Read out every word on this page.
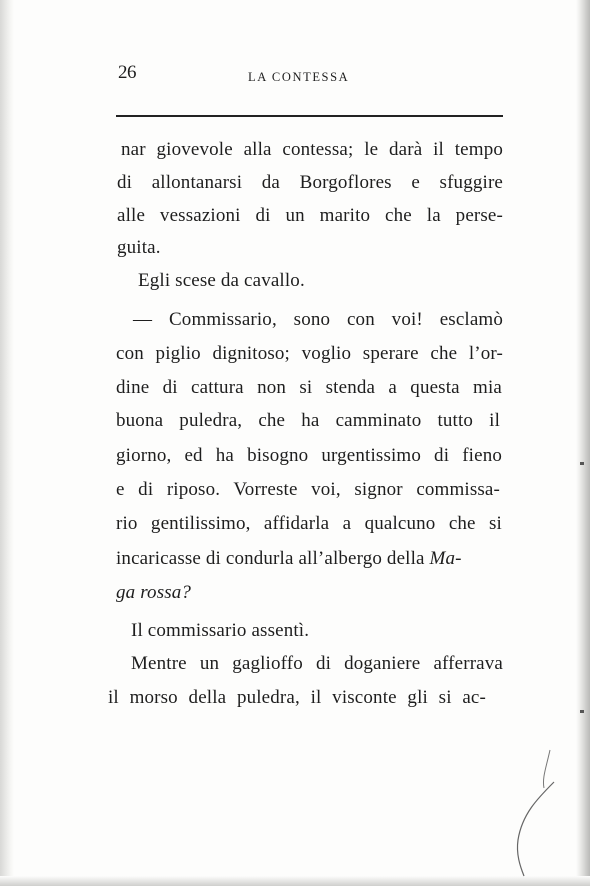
26	LA CONTESSA
nar giovevole alla contessa; le darà il tempo
di allontanarsi da Borgoflores e sfuggire
alle vessazioni di un marito che la perse-
guita.
Egli scese da cavallo.
— Commissario, sono con voi! esclamò
con piglio dignitoso; voglio sperare che l’or-
dine di cattura non si stenda a questa mia
buona puledra, che ha camminato tutto il
giorno, ed ha bisogno urgentissimo di fieno
e di riposo. Vorreste voi, signor commissa-
rio gentilissimo, affidarla a qualcuno che si
incaricasse di condurla all’albergo della Ma-
ga rossa?
Il commissario assentì.
Mentre un gaglioffo di doganiere afferrava
il morso della puledra, il visconte gli si ac-
